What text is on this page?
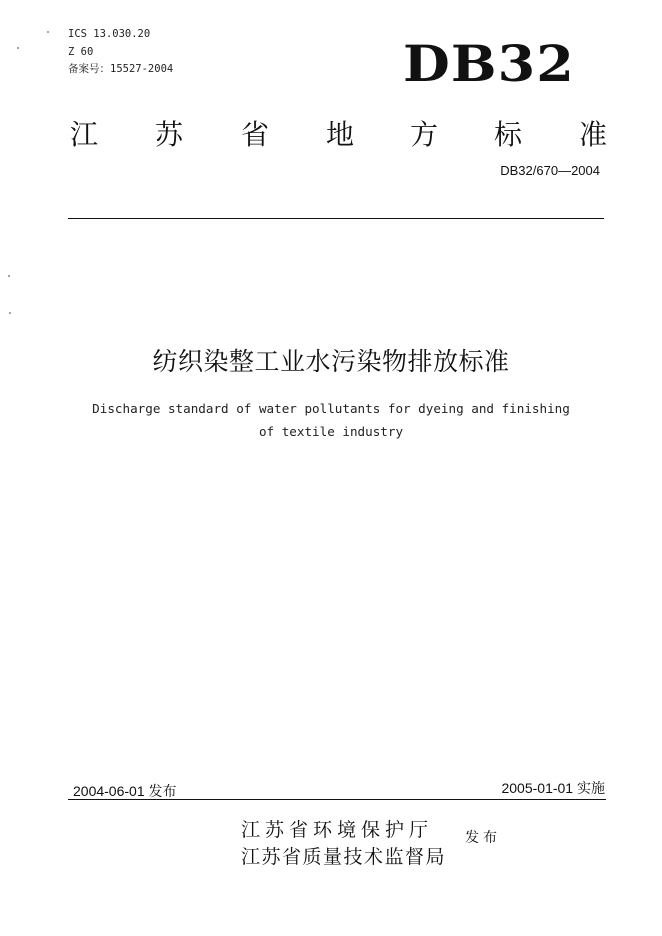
ICS 13.030.20
Z 60
备案号：15527-2004	DB32
江 苏 省 地 方 标 准
DB32/670—2004
纺织染整工业水污染物排放标准
Discharge standard of water pollutants for dyeing and finishing
of textile industry
2004-06-01 发布	2005-01-01 实施
江苏省环境保护厅
江苏省质量技术监督局
发布
